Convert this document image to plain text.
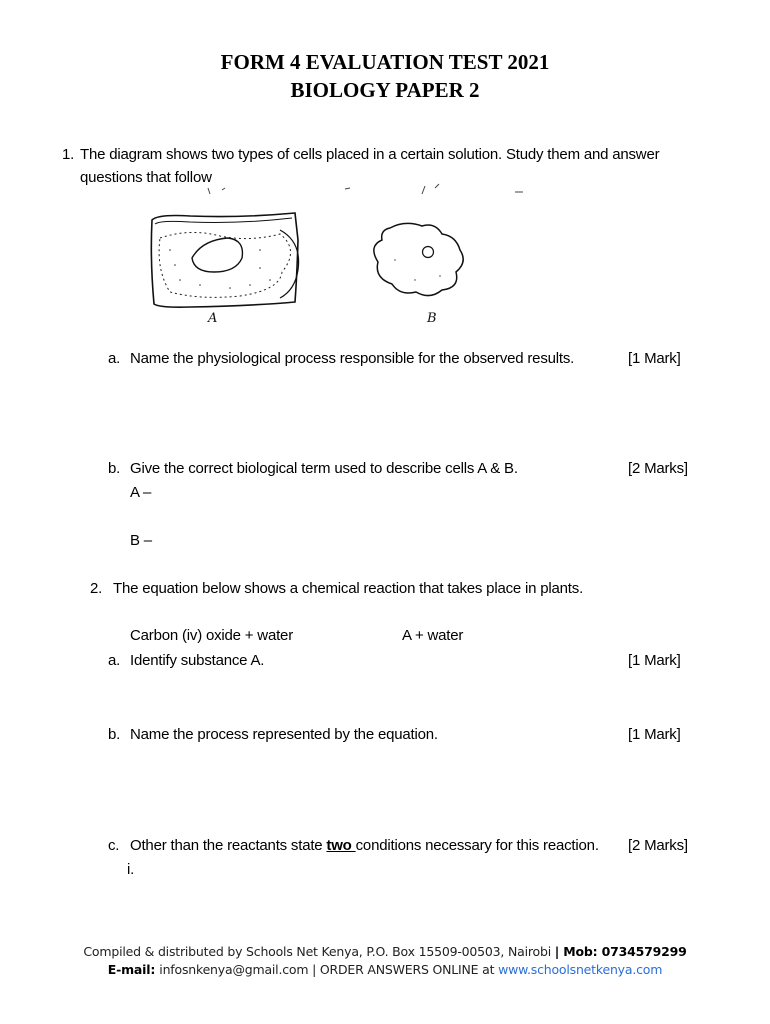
FORM 4 EVALUATION TEST 2021
BIOLOGY PAPER 2
1. The diagram shows two types of cells placed in a certain solution. Study them and answer
questions that follow
A	B
a. Name the physiological process responsible for the observed results.	[1 Mark]
b. Give the correct biological term used to describe cells A & B.	[2 Marks]
A –
B –
2. The equation below shows a chemical reaction that takes place in plants.
Carbon (iv) oxide + water	A + water
a. Identify substance A.	[1 Mark]
b. Name the process represented by the equation.	[1 Mark]
c. Other than the reactants state two conditions necessary for this reaction. [2 Marks]
i.
Compiled & distributed by Schools Net Kenya, P.O. Box 15509-00503, Nairobi | Mob: 0734579299
E-mail: infosnkenya@gmail.com | ORDER ANSWERS ONLINE at www.schoolsnetkenya.com
